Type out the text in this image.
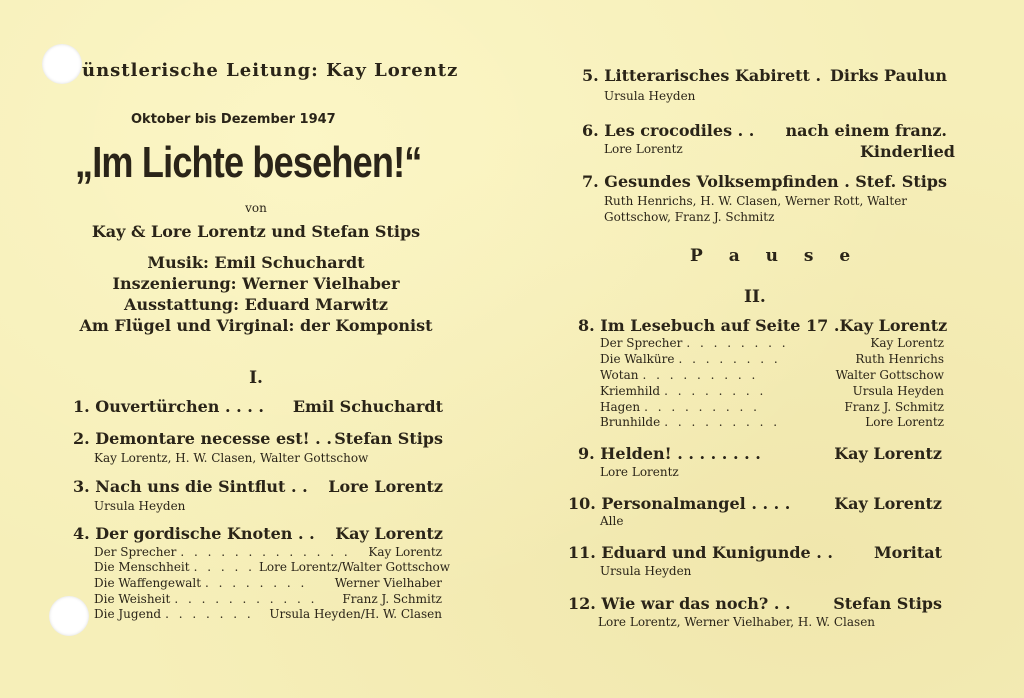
ünstlerische Leitung: Kay Lorentz
Oktober bis Dezember 1947
„Im Lichte besehen!“
von
Kay & Lore Lorentz und Stefan Stips
Musik: Emil Schuchardt
Inszenierung: Werner Vielhaber
Ausstattung: Eduard Marwitz
Am Flügel und Virginal: der Komponist
I.
1. Ouvertürchen . . . . Emil Schuchardt
2. Demontare necesse est! . . Stefan Stips
Kay Lorentz, H. W. Clasen, Walter Gottschow
3. Nach uns die Sintflut . . Lore Lorentz
Ursula Heyden
4. Der gordische Knoten . . Kay Lorentz
Der Sprecher . . . . . . . . . . . . .	Kay Lorentz
Die Menschheit . . . . . Lore Lorentz/Walter Gottschow
Die Waffengewalt . . . . . . . .	Werner Vielhaber
Die Weisheit . . . . . . . . . . .	Franz J. Schmitz
Die Jugend . . . . . . .	Ursula Heyden/H. W. Clasen
5. Litterarisches Kabirett . Dirks Paulun
Ursula Heyden
6. Les crocodiles . . nach einem franz.
Lore Lorentz	Kinderlied
7. Gesundes Volksempfinden . Stef. Stips
Ruth Henrichs, H. W. Clasen, Werner Rott, Walter
Gottschow, Franz J. Schmitz
P a u s e
II.
8. Im Lesebuch auf Seite 17 . Kay Lorentz
Der Sprecher . . . . . . . .	Kay Lorentz
Die Walküre . . . . . . . .	Ruth Henrichs
Wotan . . . . . . . . .	Walter Gottschow
Kriemhild . . . . . . . .	Ursula Heyden
Hagen . . . . . . . . .	Franz J. Schmitz
Brunhilde . . . . . . . . .	Lore Lorentz
9. Helden! . . . . . . . .	Kay Lorentz
Lore Lorentz
10. Personalmangel . . . .	Kay Lorentz
Alle
11. Eduard und Kunigunde . .	Moritat
Ursula Heyden
12. Wie war das noch? . .	Stefan Stips
Lore Lorentz, Werner Vielhaber, H. W. Clasen
